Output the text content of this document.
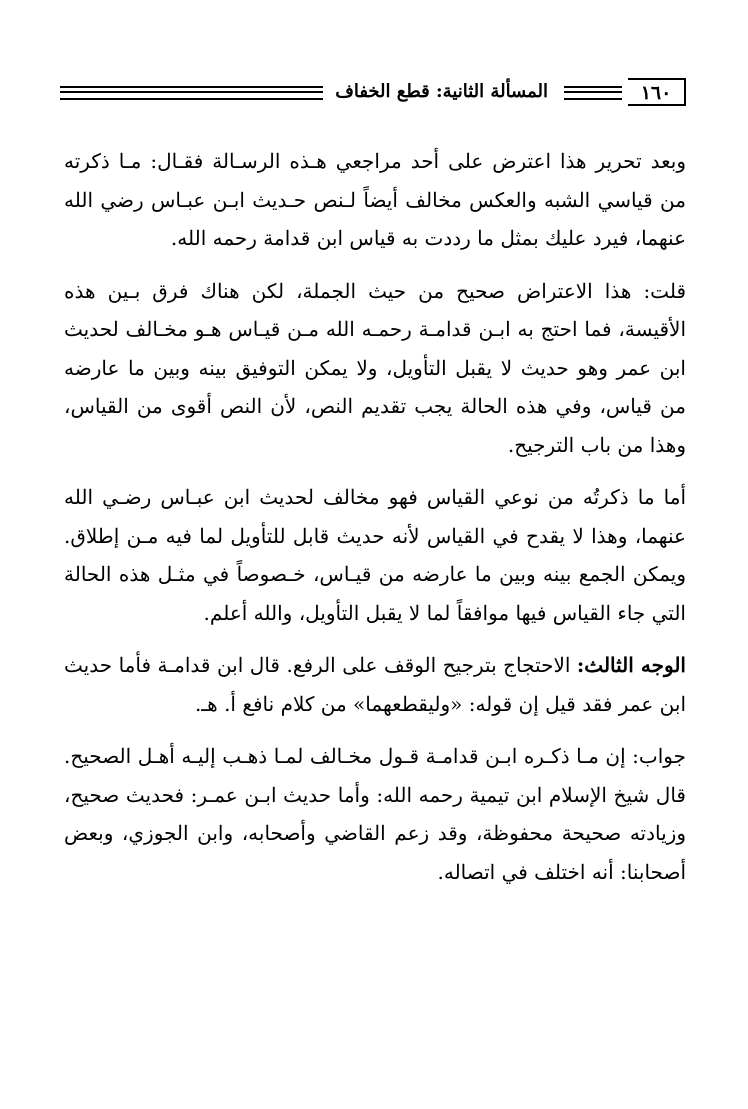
١٦٠
المسألة الثانية: قطع الخفاف

وبعد تحرير هذا اعترض على أحد مراجعي هـذه الرسـالة فقـال: مـا ذكرته من قياسي الشبه والعكس مخالف أيضاً لـنص حـديث ابـن عبـاس رضي الله عنهما، فيرد عليك بمثل ما رددت به قياس ابن قدامة رحمه الله.

قلت: هذا الاعتراض صحيح من حيث الجملة، لكن هناك فرق بـين هذه الأقيسة، فما احتج به ابـن قدامـة رحمـه الله مـن قيـاس هـو مخـالف لحديث ابن عمر وهو حديث لا يقبل التأويل، ولا يمكن التوفيق بينه وبين ما عارضه من قياس، وفي هذه الحالة يجب تقديم النص، لأن النص أقوى من القياس، وهذا من باب الترجيح.

أما ما ذكرتُه من نوعي القياس فهو مخالف لحديث ابن عبـاس رضـي الله عنهما، وهذا لا يقدح في القياس لأنه حديث قابل للتأويل لما فيه مـن إطلاق. ويمكن الجمع بينه وبين ما عارضه من قيـاس، خـصوصاً في مثـل هذه الحالة التي جاء القياس فيها موافقاً لما لا يقبل التأويل، والله أعلم.

الوجه الثالث: الاحتجاج بترجيح الوقف على الرفع. قال ابن قدامـة فأما حديث ابن عمر فقد قيل إن قوله: «وليقطعهما» من كلام نافع أ. هـ.

جواب: إن مـا ذكـره ابـن قدامـة قـول مخـالف لمـا ذهـب إليـه أهـل الصحيح. قال شيخ الإسلام ابن تيمية رحمه الله: وأما حديث ابـن عمـر: فحديث صحيح، وزيادته صحيحة محفوظة، وقد زعم القاضي وأصحابه، وابن الجوزي، وبعض أصحابنا: أنه اختلف في اتصاله.
